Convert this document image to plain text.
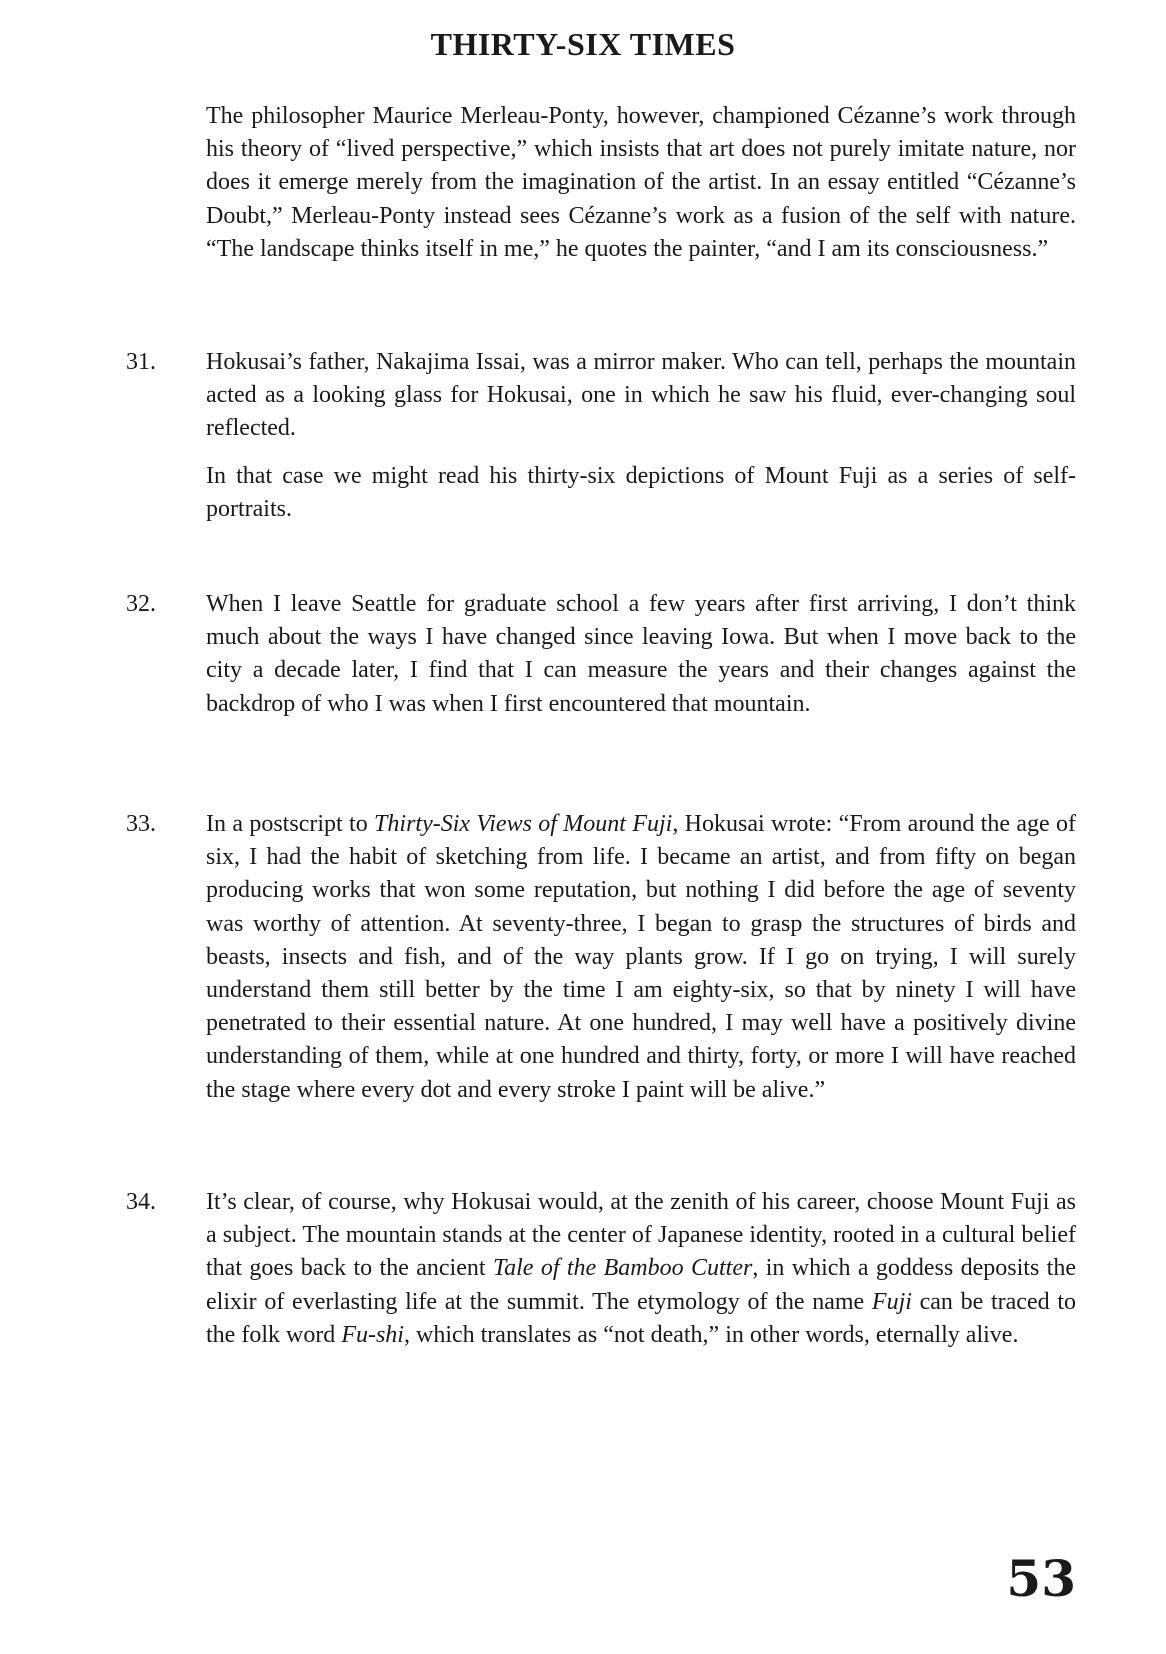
THIRTY-SIX TIMES

The philosopher Maurice Merleau-Ponty, however, championed Cézanne’s work through his theory of “lived perspective,” which insists that art does not purely imitate nature, nor does it emerge merely from the imagination of the artist. In an essay entitled “Cézanne’s Doubt,” Merleau-Ponty instead sees Cézanne’s work as a fusion of the self with nature. “The landscape thinks itself in me,” he quotes the painter, “and I am its consciousness.”

31. Hokusai’s father, Nakajima Issai, was a mirror maker. Who can tell, perhaps the mountain acted as a looking glass for Hokusai, one in which he saw his fluid, ever-changing soul reflected.

In that case we might read his thirty-six depictions of Mount Fuji as a series of self-portraits.

32. When I leave Seattle for graduate school a few years after first arriving, I don’t think much about the ways I have changed since leaving Iowa. But when I move back to the city a decade later, I find that I can measure the years and their changes against the backdrop of who I was when I first encountered that mountain.

33. In a postscript to Thirty-Six Views of Mount Fuji, Hokusai wrote: “From around the age of six, I had the habit of sketching from life. I became an artist, and from fifty on began producing works that won some reputation, but nothing I did before the age of seventy was worthy of attention. At seventy-three, I began to grasp the structures of birds and beasts, insects and fish, and of the way plants grow. If I go on trying, I will surely understand them still better by the time I am eighty-six, so that by ninety I will have penetrated to their essential nature. At one hundred, I may well have a positively divine understanding of them, while at one hundred and thirty, forty, or more I will have reached the stage where every dot and every stroke I paint will be alive.”

34. It’s clear, of course, why Hokusai would, at the zenith of his career, choose Mount Fuji as a subject. The mountain stands at the center of Japanese identity, rooted in a cultural belief that goes back to the ancient Tale of the Bamboo Cutter, in which a goddess deposits the elixir of everlasting life at the summit. The etymology of the name Fuji can be traced to the folk word Fu-shi, which translates as “not death,” in other words, eternally alive.

53
